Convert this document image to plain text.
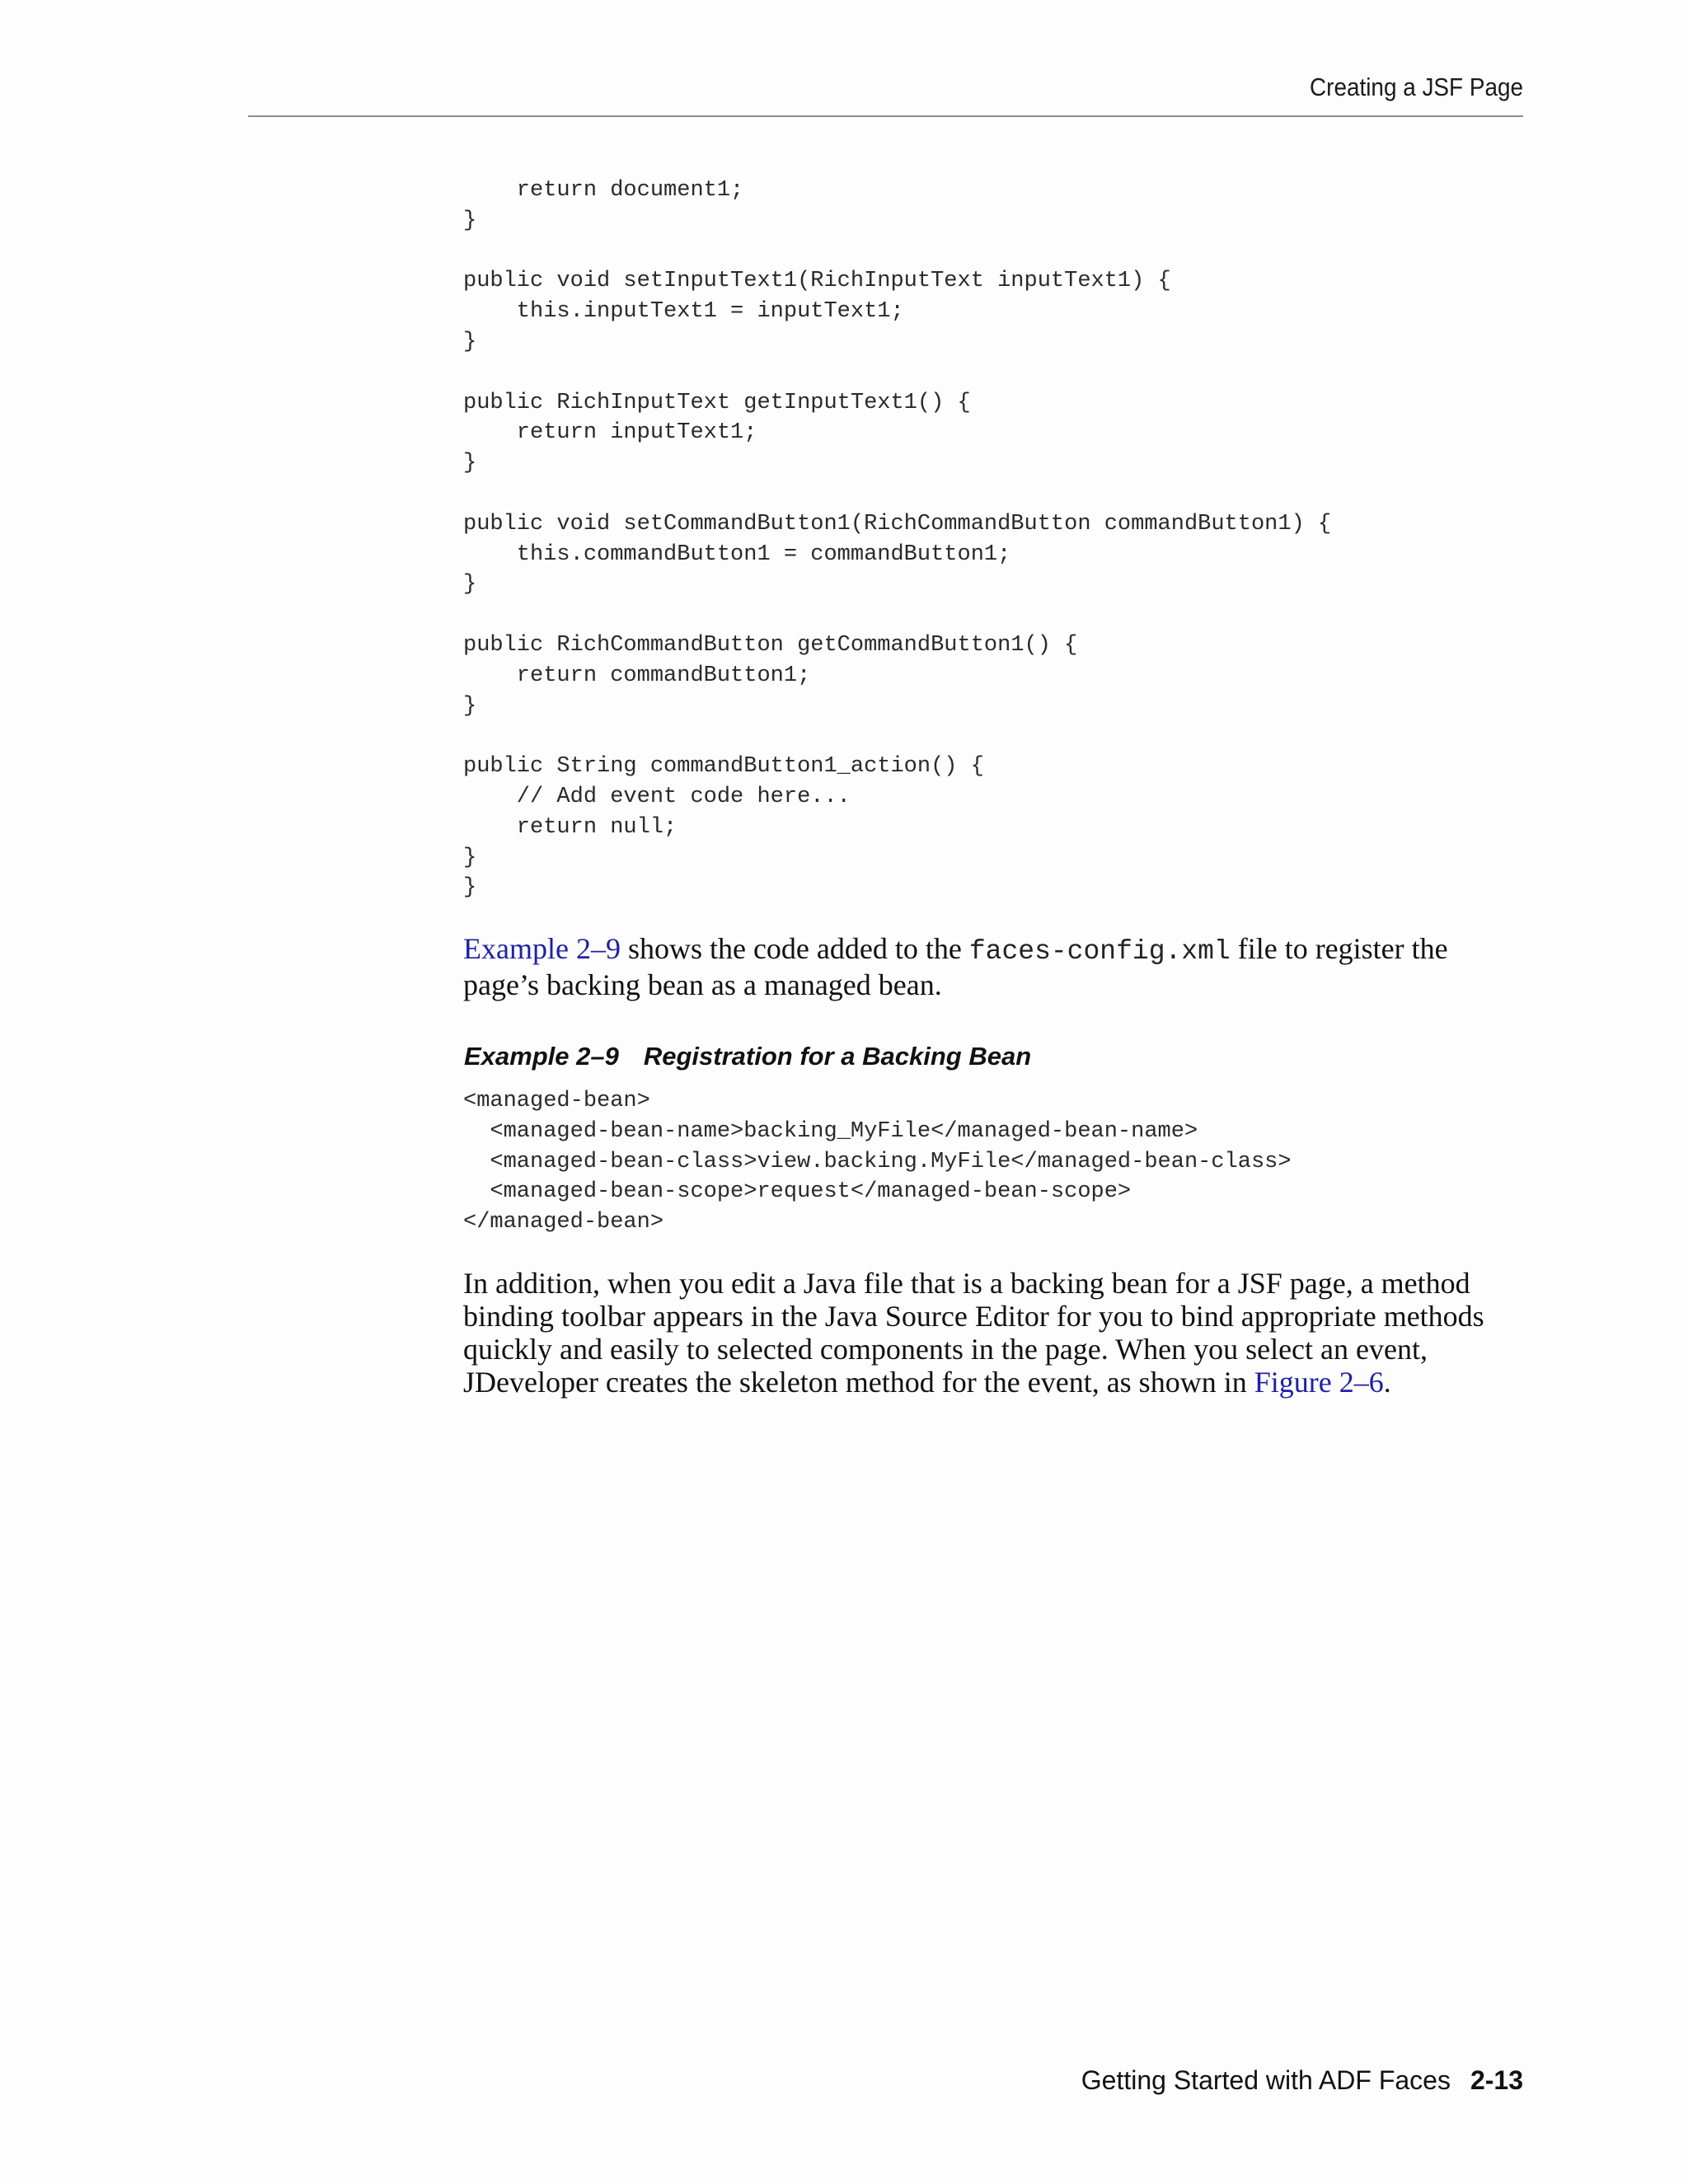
Creating a JSF Page
return document1;
}
public void setInputText1(RichInputText inputText1) {
this.inputText1 = inputText1;
}
public RichInputText getInputText1() {
return inputText1;
}
public void setCommandButton1(RichCommandButton commandButton1) {
this.commandButton1 = commandButton1;
}
public RichCommandButton getCommandButton1() {
return commandButton1;
}
public String commandButton1_action() {
// Add event code here...
return null;
}
}

Example 2–9 shows the code added to the faces-config.xml file to register the
page’s backing bean as a managed bean.

Example 2–9 Registration for a Backing Bean
<managed-bean>
<managed-bean-name>backing_MyFile</managed-bean-name>
<managed-bean-class>view.backing.MyFile</managed-bean-class>
<managed-bean-scope>request</managed-bean-scope>
</managed-bean>

In addition, when you edit a Java file that is a backing bean for a JSF page, a method
binding toolbar appears in the Java Source Editor for you to bind appropriate methods
quickly and easily to selected components in the page. When you select an event,
JDeveloper creates the skeleton method for the event, as shown in Figure 2–6.

Getting Started with ADF Faces 2-13
